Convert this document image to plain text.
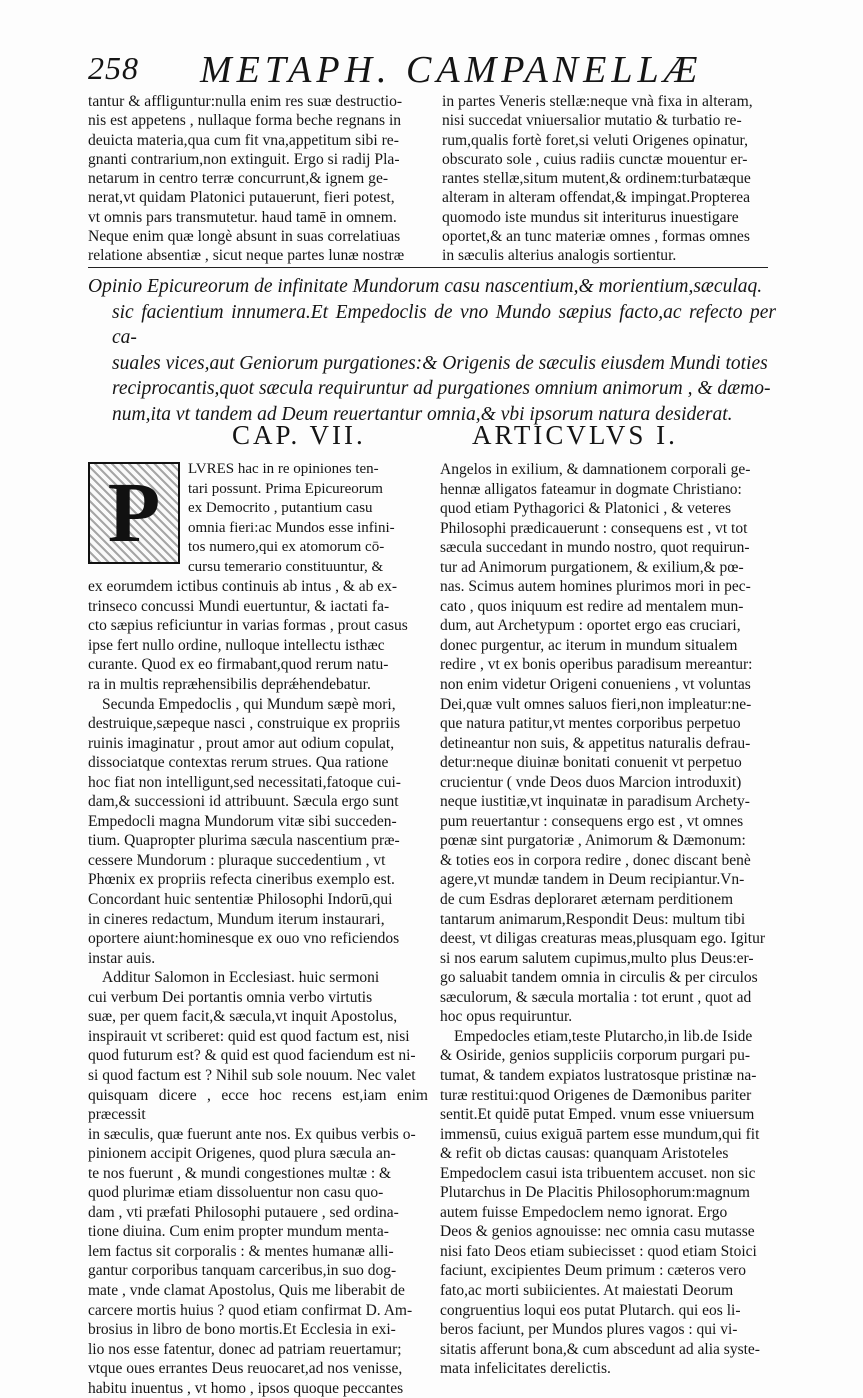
258 METAPH. CAMPANELLÆ

tantur & affliguntur:nulla enim res suæ destructio-

nis est appetens , nullaque forma beche regnans in

deuicta materia,qua cum fit vna,appetitum sibi re-

gnanti contrarium,non extinguit. Ergo si radij Pla-

netarum in centro terræ concurrunt,& ignem ge-

nerat,vt quidam Platonici putauerunt, fieri potest,

vt omnis pars transmutetur. haud tamē in omnem.

Neque enim quæ longè absunt in suas correlatiuas

relatione absentiæ , sicut neque partes lunæ nostræ

in partes Veneris stellæ:neque vnà fixa in alteram,

nisi succedat vniuersalior mutatio & turbatio re-

rum,qualis fortè foret,si veluti Origenes opinatur,

obscurato sole , cuius radiis cunctæ mouentur er-

rantes stellæ,situm mutent,& ordinem:turbatæque

alteram in alteram offendat,& impingat.Propterea

quomodo iste mundus sit interiturus inuestigare

oportet,& an tunc materiæ omnes , formas omnes

in sæculis alterius analogis sortientur.

Opinio Epicureorum de infinitate Mundorum casu nascentium,& morientium,sæculaq.
sic facientium innumera.Et Empedoclis de vno Mundo sæpius facto,ac refecto per ca-
suales vices,aut Geniorum purgationes:& Origenis de sæculis eiusdem Mundi toties
reciprocantis,quot sæcula requiruntur ad purgationes omnium animorum , & dæmo-
num,ita vt tandem ad Deum reuertantur omnia,& vbi ipsorum natura desiderat.
CAP. VII.	ARTICVLVS I.
P	LVRES hac in re opiniones ten-

tari possunt. Prima Epicureorum

ex Democrito , putantium casu

omnia fieri:ac Mundos esse infini-

tos numero,qui ex atomorum cō-

cursu temerario constituuntur, &

ex eorumdem ictibus continuis ab intus , & ab ex-

trinseco concussi Mundi euertuntur, & iactati fa-

cto sæpius reficiuntur in varias formas , prout casus

ipse fert nullo ordine, nulloque intellectu isthæc

curante. Quod ex eo firmabant,quod rerum natu-

ra in multis repræhensibilis deprǽhendebatur.

Secunda Empedoclis , qui Mundum sæpè mori,

destruique,sæpeque nasci , construique ex propriis

ruinis imaginatur , prout amor aut odium copulat,

dissociatque contextas rerum strues. Qua ratione

hoc fiat non intelligunt,sed necessitati,fatoque cui-

dam,& successioni id attribuunt. Sæcula ergo sunt

Empedocli magna Mundorum vitæ sibi succeden-

tium. Quapropter plurima sæcula nascentium præ-

cessere Mundorum : pluraque succedentium , vt

Phœnix ex propriis refecta cineribus exemplo est.

Concordant huic sententiæ Philosophi Indorū,qui

in cineres redactum, Mundum iterum instaurari,

oportere aiunt:hominesque ex ouo vno reficiendos

instar auis.

Additur Salomon in Ecclesiast. huic sermoni

cui verbum Dei portantis omnia verbo virtutis

suæ, per quem facit,& sæcula,vt inquit Apostolus,

inspirauit vt scriberet: quid est quod factum est, nisi

quod futurum est? & quid est quod faciendum est ni-

si quod factum est ? Nihil sub sole nouum. Nec valet

quisquam dicere , ecce hoc recens est,iam enim præcessit

in sæculis, quæ fuerunt ante nos. Ex quibus verbis o-

pinionem accipit Origenes, quod plura sæcula an-

te nos fuerunt , & mundi congestiones multæ : &

quod plurimæ etiam dissoluentur non casu quo-

dam , vti præfati Philosophi putauere , sed ordina-

tione diuina. Cum enim propter mundum mentа-

lem factus sit corporalis : & mentes humanæ alli-

gantur corporibus tanquam carceribus,in suo dog-

mate , vnde clamat Apostolus, Quis me liberabit de

carcere mortis huius ? quod etiam confirmat D. Am-

brosius in libro de bono mortis.Et Ecclesia in exi-

lio nos esse fatentur, donec ad patriam reuertamur;

vtque oues errantes Deus reuocaret,ad nos venisse,

habitu inuentus , vt homo , ipsos quoque peccantes

Angelos in exilium, & damnationem corporali ge-

hennæ alligatos fateamur in dogmate Christiano:

quod etiam Pythagorici & Platonici , & veteres

Philosophi prædicauerunt : consequens est , vt tot

sæcula succedant in mundo nostro, quot requirun-

tur ad Animorum purgationem, & exilium,& pœ-

nas. Scimus autem homines plurimos mori in pec-

cato , quos iniquum est redire ad mentalem mun-

dum, aut Archetypum : oportet ergo eas cruciari,

donec purgentur, ac iterum in mundum situalem

redire , vt ex bonis operibus paradisum mereantur:

non enim videtur Origeni conueniens , vt voluntas

Dei,quæ vult omnes saluos fieri,non impleatur:ne-

que natura patitur,vt mentes corporibus perpetuo

detineantur non suis, & appetitus naturalis defrau-

detur:neque diuinæ bonitati conuenit vt perpetuo

crucientur ( vnde Deos duos Marcion introduxit)

neque iustitiæ,vt inquinatæ in paradisum Archety-

pum reuertantur : consequens ergo est , vt omnes

pœnæ sint purgatoriæ , Animorum & Dæmonum:

& toties eos in corpora redire , donec discant benè

agere,vt mundæ tandem in Deum recipiantur.Vn-

de cum Esdras deploraret æternam perditionem

tantarum animarum,Respondit Deus: multum tibi

deest, vt diligas creaturas meas,plusquam ego. Igitur

si nos earum salutem cupimus,multo plus Deus:er-

go saluabit tandem omnia in circulis & per circulos

sæculorum, & sæcula mortalia : tot erunt , quot ad

hoc opus requiruntur.

Empedocles etiam,teste Plutarcho,in lib.de Iside

& Osiride, genios suppliciis corporum purgari pu-

tumat, & tandem expiatos lustratosque pristinæ na-

turæ restitui:quod Origenes de Dæmonibus pariter

sentit.Et quidē putat Emped. vnum esse vniuersum

immensū, cuius exiguā partem esse mundum,qui fit

& refit ob dictas causas: quanquam Aristoteles

Empedoclem casui ista tribuentem accuset. non sic

Plutarchus in De Placitis Philosophorum:magnum

autem fuisse Empedoclem nemo ignorat. Ergo

Deos & genios agnouisse: nec omnia casu mutasse

nisi fato Deos etiam subiecisset : quod etiam Stoici

faciunt, excipientes Deum primum : cæteros vero

fato,ac morti subiicientes. At maiestati Deorum

congruentius loqui eos putat Plutarch. qui eos li-

beros faciunt, per Mundos plures vagos : qui vi-

sitatis afferunt bona,& cum abscedunt ad alia syste-

mata infelicitates derelictis.
